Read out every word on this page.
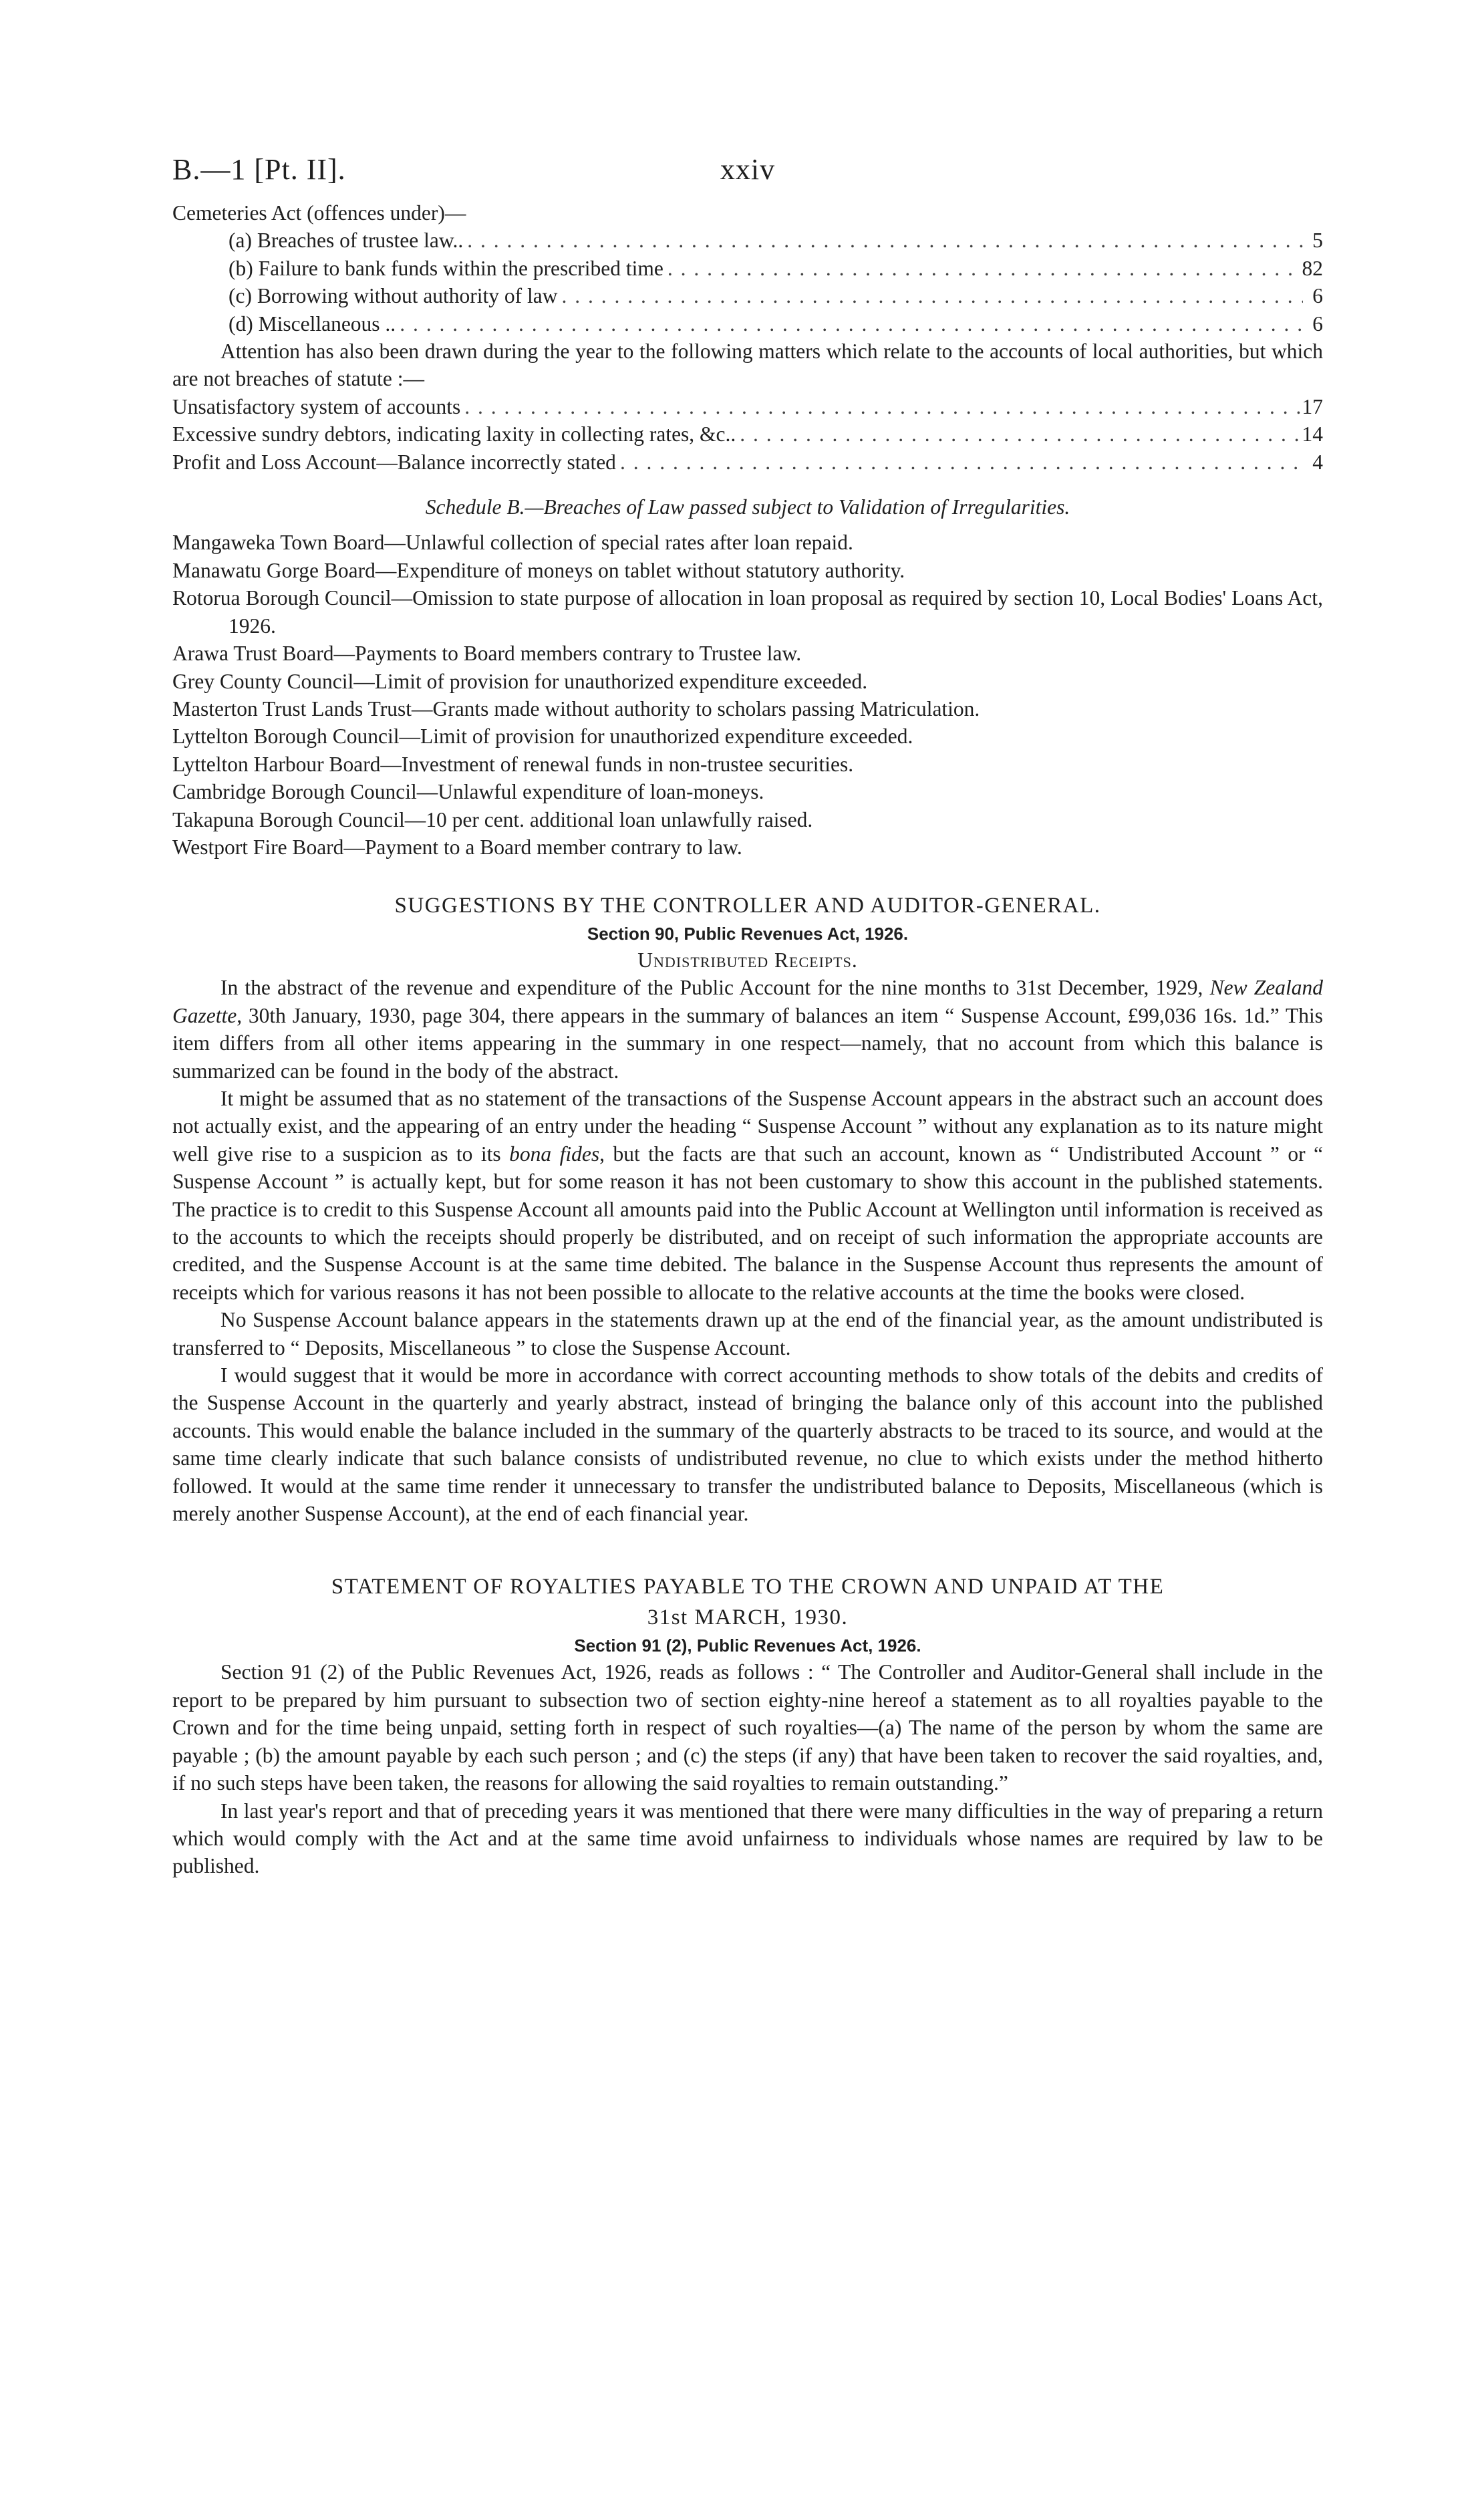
B.—1 [Pt. II].	xxiv
Cemeteries Act (offences under)—
(a) Breaches of trustee law.. . . .	5
(b) Failure to bank funds within the prescribed time . . .	82
(c) Borrowing without authority of law . . .	6
(d) Miscellaneous .. . . .	6

Attention has also been drawn during the year to the following matters which relate to the accounts of local authorities, but which are not breaches of statute :—

Unsatisfactory system of accounts . . .	17
Excessive sundry debtors, indicating laxity in collecting rates, &c.. . . .	14
Profit and Loss Account—Balance incorrectly stated . . .	4
Schedule B.—Breaches of Law passed subject to Validation of Irregularities.

Mangaweka Town Board—Unlawful collection of special rates after loan repaid.

Manawatu Gorge Board—Expenditure of moneys on tablet without statutory authority.

Rotorua Borough Council—Omission to state purpose of allocation in loan proposal as required by section 10, Local Bodies' Loans Act, 1926.

Arawa Trust Board—Payments to Board members contrary to Trustee law.

Grey County Council—Limit of provision for unauthorized expenditure exceeded.

Masterton Trust Lands Trust—Grants made without authority to scholars passing Matriculation.

Lyttelton Borough Council—Limit of provision for unauthorized expenditure exceeded.

Lyttelton Harbour Board—Investment of renewal funds in non-trustee securities.

Cambridge Borough Council—Unlawful expenditure of loan-moneys.

Takapuna Borough Council—10 per cent. additional loan unlawfully raised.

Westport Fire Board—Payment to a Board member contrary to law.

SUGGESTIONS BY THE CONTROLLER AND AUDITOR-GENERAL.
Section 90, Public Revenues Act, 1926.
Undistributed Receipts.

In the abstract of the revenue and expenditure of the Public Account for the nine months to 31st December, 1929, New Zealand Gazette, 30th January, 1930, page 304, there appears in the summary of balances an item “ Suspense Account, £99,036 16s. 1d.” This item differs from all other items appearing in the summary in one respect—namely, that no account from which this balance is summarized can be found in the body of the abstract.

It might be assumed that as no statement of the transactions of the Suspense Account appears in the abstract such an account does not actually exist, and the appearing of an entry under the heading “ Suspense Account ” without any explanation as to its nature might well give rise to a suspicion as to its bona fides, but the facts are that such an account, known as “ Undistributed Account ” or “ Suspense Account ” is actually kept, but for some reason it has not been customary to show this account in the published statements. The practice is to credit to this Suspense Account all amounts paid into the Public Account at Wellington until information is received as to the accounts to which the receipts should properly be distributed, and on receipt of such information the appropriate accounts are credited, and the Suspense Account is at the same time debited. The balance in the Suspense Account thus represents the amount of receipts which for various reasons it has not been possible to allocate to the relative accounts at the time the books were closed.

No Suspense Account balance appears in the statements drawn up at the end of the financial year, as the amount undistributed is transferred to “ Deposits, Miscellaneous ” to close the Suspense Account.

I would suggest that it would be more in accordance with correct accounting methods to show totals of the debits and credits of the Suspense Account in the quarterly and yearly abstract, instead of bringing the balance only of this account into the published accounts. This would enable the balance included in the summary of the quarterly abstracts to be traced to its source, and would at the same time clearly indicate that such balance consists of undistributed revenue, no clue to which exists under the method hitherto followed. It would at the same time render it unnecessary to transfer the undistributed balance to Deposits, Miscellaneous (which is merely another Suspense Account), at the end of each financial year.

STATEMENT OF ROYALTIES PAYABLE TO THE CROWN AND UNPAID AT THE
31st MARCH, 1930.
Section 91 (2), Public Revenues Act, 1926.

Section 91 (2) of the Public Revenues Act, 1926, reads as follows : “ The Controller and Auditor-General shall include in the report to be prepared by him pursuant to subsection two of section eighty-nine hereof a statement as to all royalties payable to the Crown and for the time being unpaid, setting forth in respect of such royalties—(a) The name of the person by whom the same are payable ; (b) the amount payable by each such person ; and (c) the steps (if any) that have been taken to recover the said royalties, and, if no such steps have been taken, the reasons for allowing the said royalties to remain outstanding.”

In last year's report and that of preceding years it was mentioned that there were many difficulties in the way of preparing a return which would comply with the Act and at the same time avoid unfairness to individuals whose names are required by law to be published.
